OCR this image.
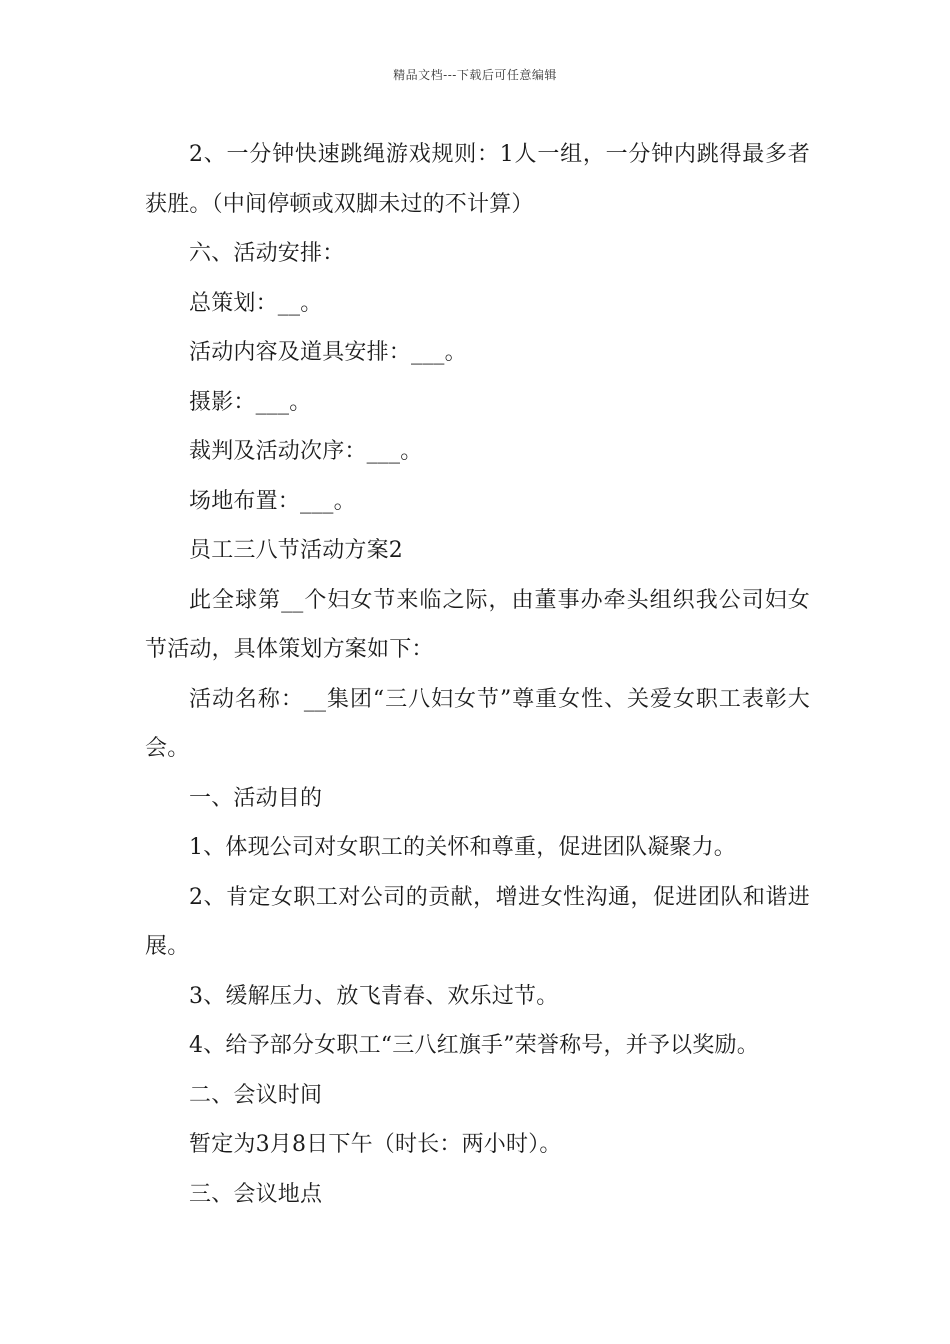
精品文档---下载后可任意编辑

2、一分钟快速跳绳游戏规则：1人一组，一分钟内跳得最多者获胜。（中间停顿或双脚未过的不计算）

六、活动安排：

总策划：__。

活动内容及道具安排：___。

摄影：___。

裁判及活动次序：___。

场地布置：___。

员工三八节活动方案2

此全球第__个妇女节来临之际，由董事办牵头组织我公司妇女节活动，具体策划方案如下：

活动名称：__集团“三八妇女节”尊重女性、关爱女职工表彰大会。

一、活动目的

1、体现公司对女职工的关怀和尊重，促进团队凝聚力。

2、肯定女职工对公司的贡献，增进女性沟通，促进团队和谐进展。

3、缓解压力、放飞青春、欢乐过节。

4、给予部分女职工“三八红旗手”荣誉称号，并予以奖励。

二、会议时间

暂定为3月8日下午（时长：两小时）。

三、会议地点
